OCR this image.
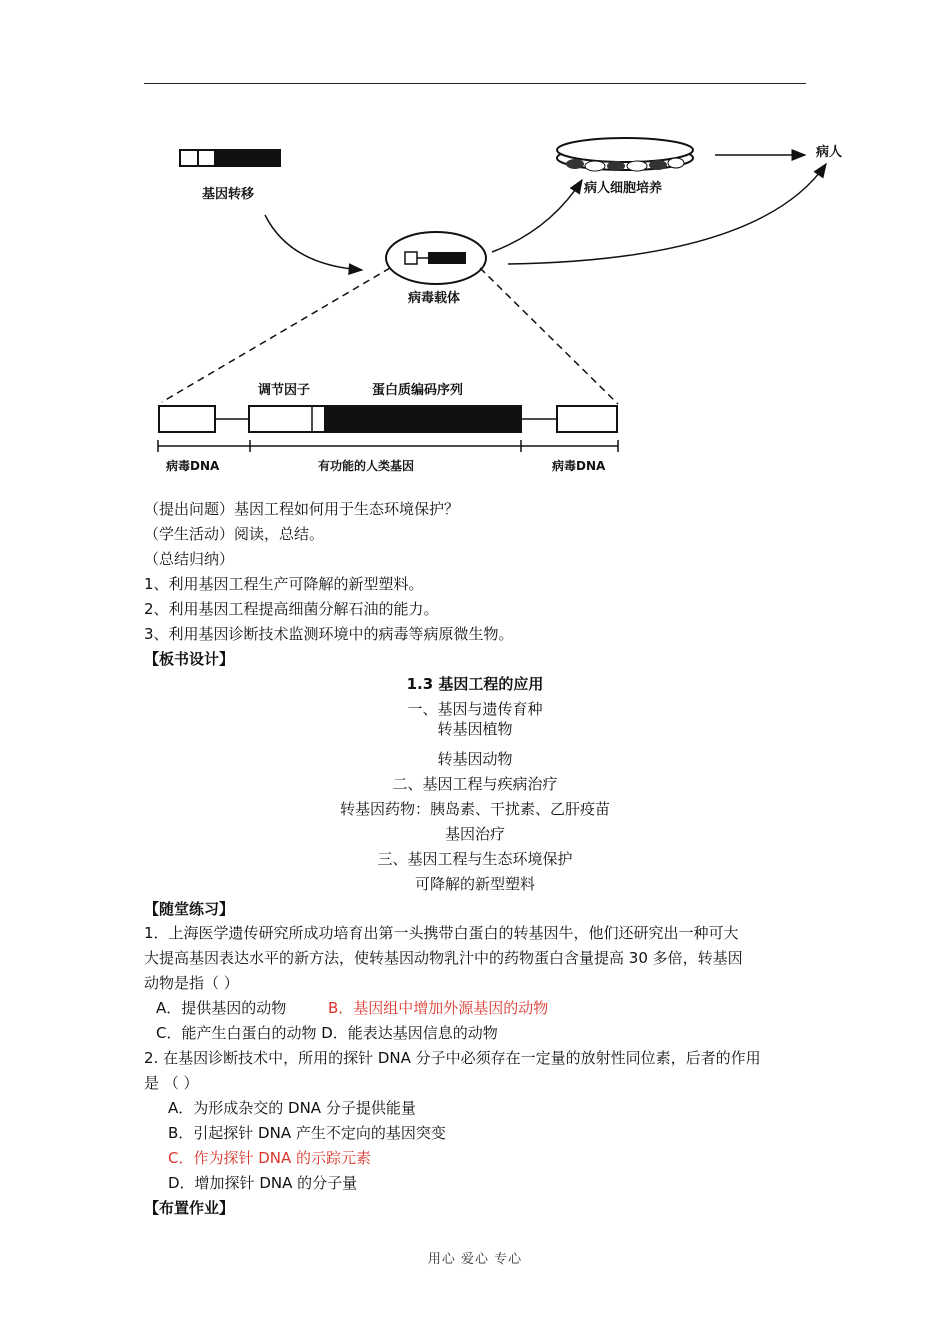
基因转移
病毒载体
病人细胞培养
病人
调节因子	蛋白质编码序列
病毒DNA	有功能的人类基因	病毒DNA
（提出问题）基因工程如何用于生态环境保护？
（学生活动）阅读，总结。
（总结归纳）
1、利用基因工程生产可降解的新型塑料。
2、利用基因工程提高细菌分解石油的能力。
3、利用基因诊断技术监测环境中的病毒等病原微生物。
【板书设计】
1.3 基因工程的应用
一、基因与遗传育种
转基因植物
转基因动物
二、基因工程与疾病治疗
转基因药物：胰岛素、干扰素、乙肝疫苗
基因治疗
三、基因工程与生态环境保护
可降解的新型塑料
【随堂练习】
1．上海医学遗传研究所成功培育出第一头携带白蛋白的转基因牛，他们还研究出一种可大
大提高基因表达水平的新方法，使转基因动物乳汁中的药物蛋白含量提高 30 多倍，转基因
动物是指（ ）
A．提供基因的动物	B．基因组中增加外源基因的动物
C．能产生白蛋白的动物 D．能表达基因信息的动物
2. 在基因诊断技术中，所用的探针 DNA 分子中必须存在一定量的放射性同位素，后者的作用
是 （ ）
A．为形成杂交的 DNA 分子提供能量
B．引起探针 DNA 产生不定向的基因突变
C．作为探针 DNA 的示踪元素
D．增加探针 DNA 的分子量
【布置作业】
用心 爱心 专心
